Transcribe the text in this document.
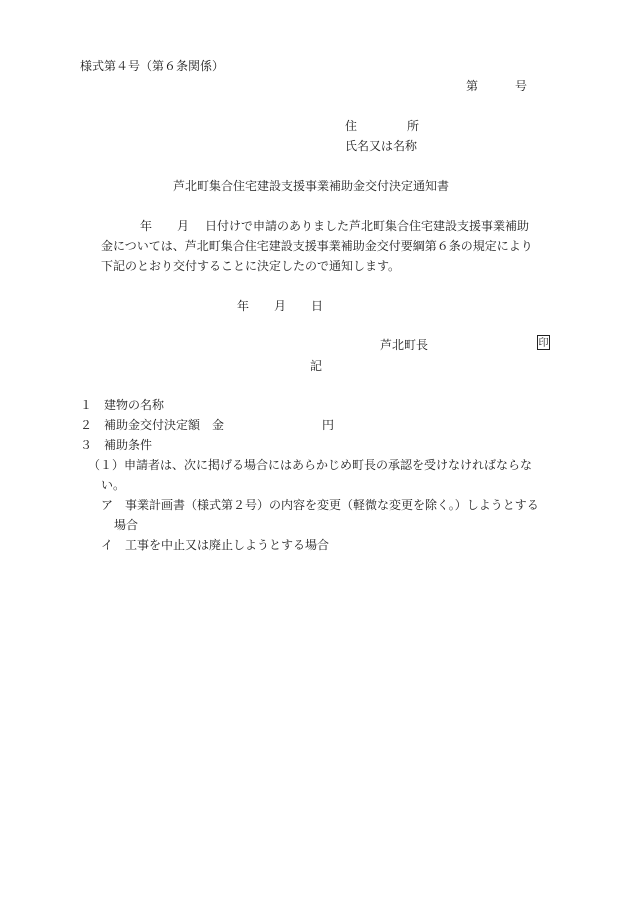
様式第４号（第６条関係）
第	号
住	所
氏名又は名称
芦北町集合住宅建設支援事業補助金交付決定通知書
年 月 日付けで申請のありました芦北町集合住宅建設支援事業補助
金については、芦北町集合住宅建設支援事業補助金交付要綱第６条の規定により
下記のとおり交付することに決定したので通知します。
年 月 日
芦北町長	印
記
１　建物の名称
２　補助金交付決定額　金	円
３　補助条件
（１）申請者は、次に掲げる場合にはあらかじめ町長の承認を受けなければならな
い。
ア　事業計画書（様式第２号）の内容を変更（軽微な変更を除く。）しようとする
場合
イ　工事を中止又は廃止しようとする場合
